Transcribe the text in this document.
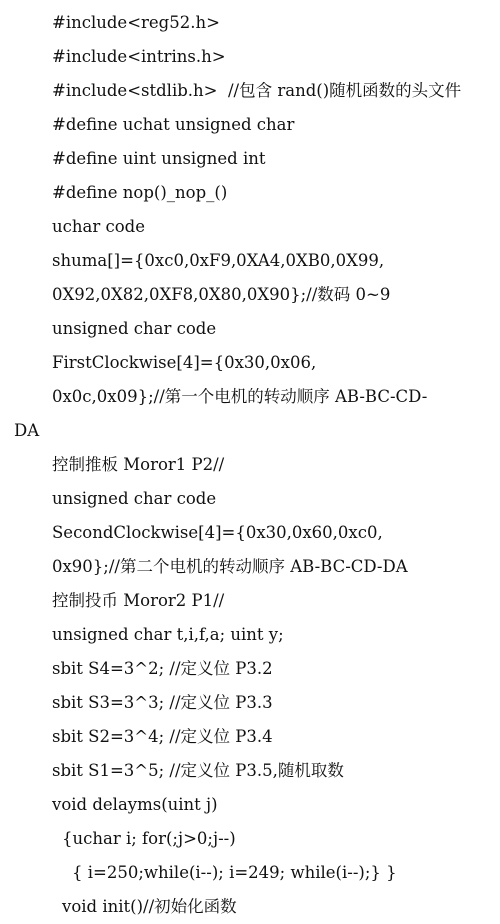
#include<reg52.h>
#include<intrins.h>
#include<stdlib.h>  //包含 rand()随机函数的头文件
#define uchat unsigned char
#define uint unsigned int
#define nop()_nop_()
uchar code
shuma[]={0xc0,0xF9,0XA4,0XB0,0X99,
0X92,0X82,0XF8,0X80,0X90};//数码 0~9
unsigned char code
FirstClockwise[4]={0x30,0x06,
0x0c,0x09};//第一个电机的转动顺序 AB-BC-CD-
DA
控制推板 Moror1 P2//
unsigned char code
SecondClockwise[4]={0x30,0x60,0xc0,
0x90};//第二个电机的转动顺序 AB-BC-CD-DA
控制投币 Moror2 P1//
unsigned char t,i,f,a; uint y;
sbit S4=3^2; //定义位 P3.2
sbit S3=3^3; //定义位 P3.3
sbit S2=3^4; //定义位 P3.4
sbit S1=3^5; //定义位 P3.5,随机取数
void delayms(uint j)
{uchar i; for(;j>0;j--)
{ i=250;while(i--); i=249; while(i--);} }
void init()//初始化函数
